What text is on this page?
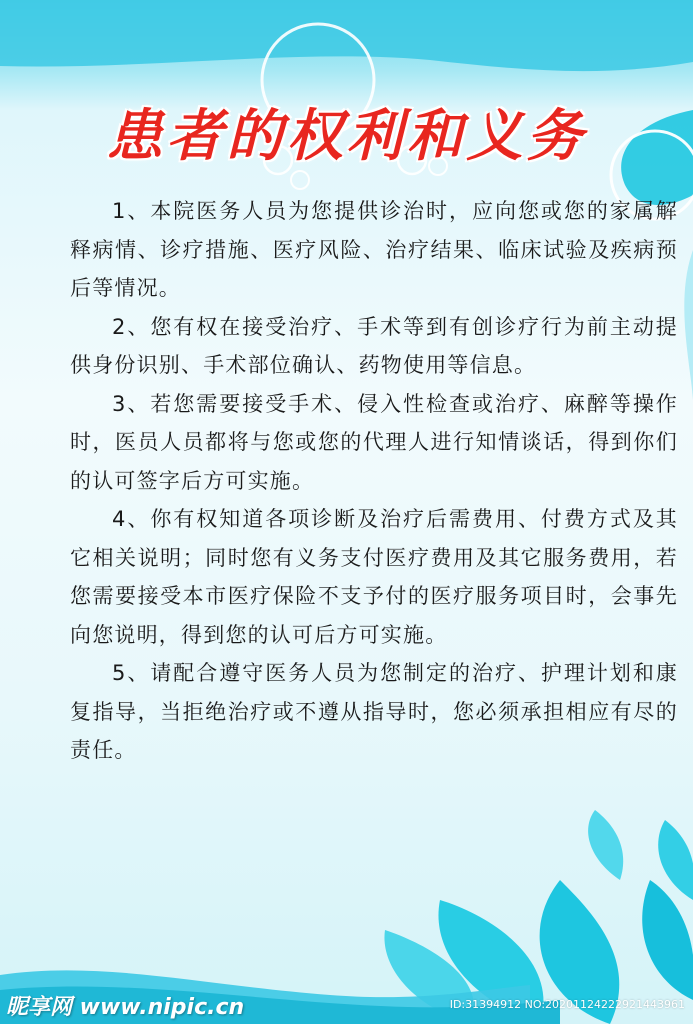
患者的权利和义务

1、本院医务人员为您提供诊治时，应向您或您的家属解释病情、诊疗措施、医疗风险、治疗结果、临床试验及疾病预后等情况。

2、您有权在接受治疗、手术等到有创诊疗行为前主动提供身份识别、手术部位确认、药物使用等信息。

3、若您需要接受手术、侵入性检查或治疗、麻醉等操作时，医员人员都将与您或您的代理人进行知情谈话，得到你们的认可签字后方可实施。

4、你有权知道各项诊断及治疗后需费用、付费方式及其它相关说明；同时您有义务支付医疗费用及其它服务费用，若您需要接受本市医疗保险不支予付的医疗服务项目时，会事先向您说明，得到您的认可后方可实施。

5、请配合遵守医务人员为您制定的治疗、护理计划和康复指导，当拒绝治疗或不遵从指导时，您必须承担相应有尽的责任。

昵享网 www.nipic.cn	ID:31394912 NO:20201124222921443961
